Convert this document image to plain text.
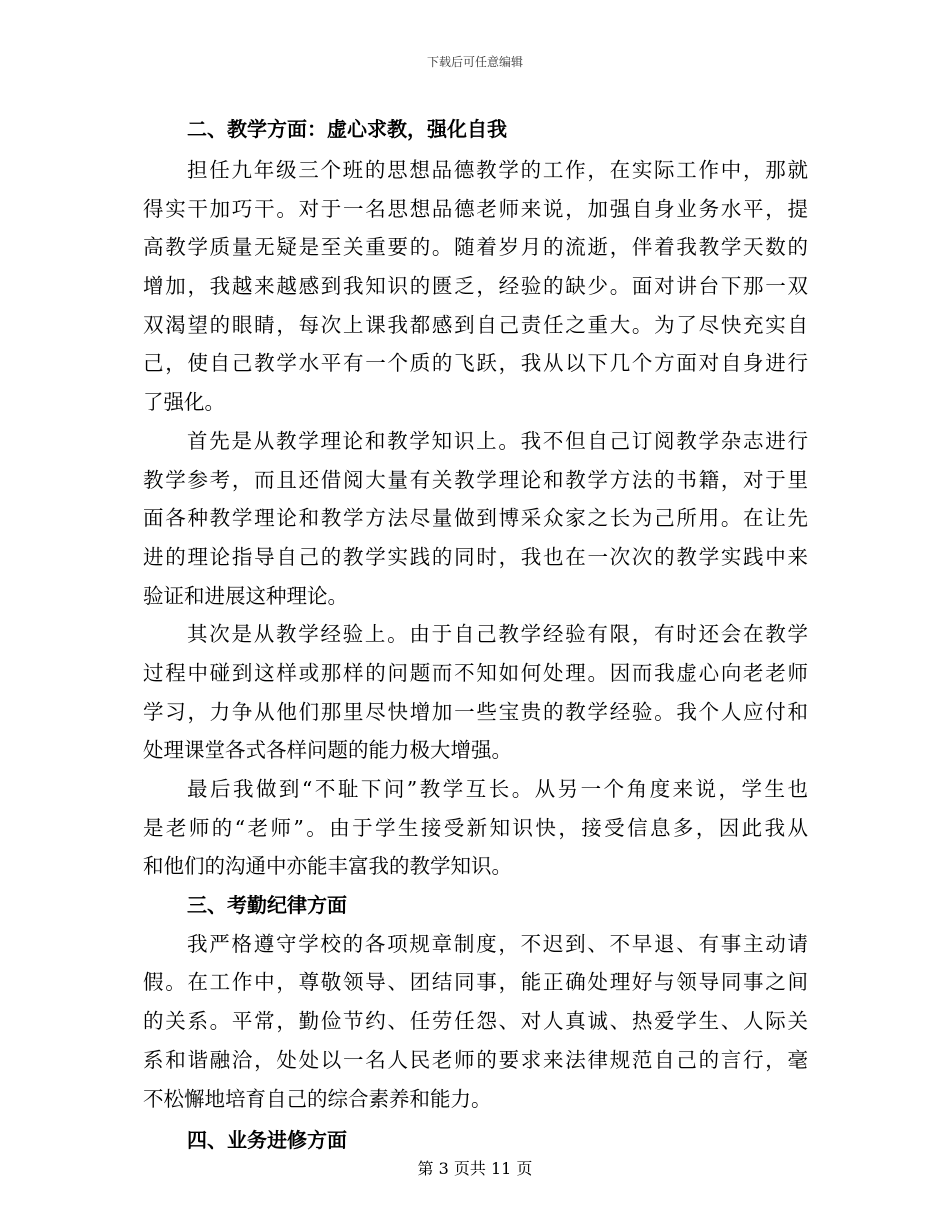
下载后可任意编辑
二、教学方面：虚心求教，强化自我
担任九年级三个班的思想品德教学的工作，在实际工作中，那就
得实干加巧干。对于一名思想品德老师来说，加强自身业务水平，提
高教学质量无疑是至关重要的。随着岁月的流逝，伴着我教学天数的
增加，我越来越感到我知识的匮乏，经验的缺少。面对讲台下那一双
双渴望的眼睛，每次上课我都感到自己责任之重大。为了尽快充实自
己，使自己教学水平有一个质的飞跃，我从以下几个方面对自身进行
了强化。
首先是从教学理论和教学知识上。我不但自己订阅教学杂志进行
教学参考，而且还借阅大量有关教学理论和教学方法的书籍，对于里
面各种教学理论和教学方法尽量做到博采众家之长为己所用。在让先
进的理论指导自己的教学实践的同时，我也在一次次的教学实践中来
验证和进展这种理论。
其次是从教学经验上。由于自己教学经验有限，有时还会在教学
过程中碰到这样或那样的问题而不知如何处理。因而我虚心向老老师
学习，力争从他们那里尽快增加一些宝贵的教学经验。我个人应付和
处理课堂各式各样问题的能力极大增强。
最后我做到“不耻下问”教学互长。从另一个角度来说，学生也
是老师的“老师”。由于学生接受新知识快，接受信息多，因此我从
和他们的沟通中亦能丰富我的教学知识。
三、考勤纪律方面
我严格遵守学校的各项规章制度，不迟到、不早退、有事主动请
假。在工作中，尊敬领导、团结同事，能正确处理好与领导同事之间
的关系。平常，勤俭节约、任劳任怨、对人真诚、热爱学生、人际关
系和谐融洽，处处以一名人民老师的要求来法律规范自己的言行，毫
不松懈地培育自己的综合素养和能力。
四、业务进修方面
第 3 页共 11 页
